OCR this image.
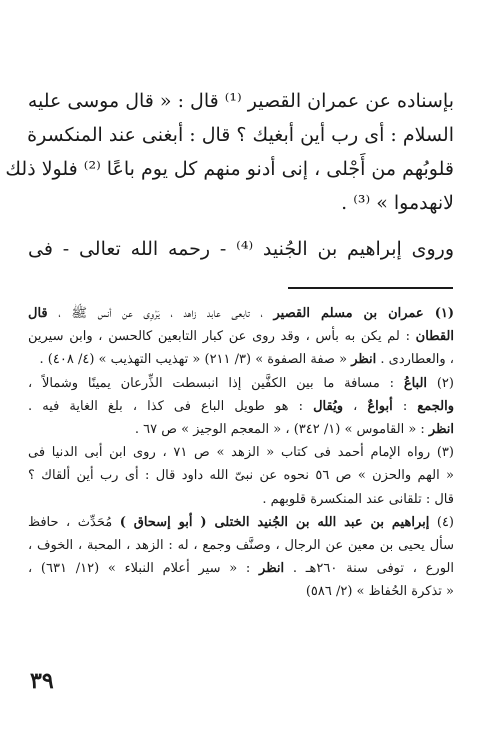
بإسناده عن عمران القصير ⁽¹⁾ قال : « قال موسى عليه
السلام : أى رب أين أبغيك ؟ قال : أبغنى عند المنكسرة
قلوبُهم من أَجْلى ، إنى أدنو منهم كل يوم باعًا ⁽²⁾ فلولا ذلك
لانهدموا » ⁽³⁾ .
وروى إبراهيم بن الجُنيد ⁽⁴⁾ - رحمه الله تعالى - فى
(١) عمران بن مسلم القصير ، تابعى عابد زاهد ، يَرْوِى عن أنس ﷺ ، قال
القطان : لم يكن به بأس ، وقد روى عن كبار التابعين كالحسن ، وابن سيرين
، والعطاردى . انظر « صفة الصفوة » (٣/ ٢١١) « تهذيب التهذيب » (٤/ ٤٠٨) .
(٢) الباعُ : مسافة ما بين الكفَّين إذا انبسطت الذِّرعان يمينًا وشمالاً ،
والجمع : أبواعٌ ، ويُقال : هو طويل الباع فى كذا ، بلغ الغاية فيه .
انظر : « القاموس » (١/ ٣٤٢) ، « المعجم الوجيز » ص ٦٧ .
(٣) رواه الإمام أحمد فى كتاب « الزهد » ص ٧١ ، روى ابن أبى الدنيا فى
« الهم والحزن » ص ٥٦ نحوه عن نبىّ الله داود قال : أى رب أين ألقاك ؟
قال : تلقانى عند المنكسرة قلوبهم .
(٤) إبراهيم بن عبد الله بن الجُنيد الختلى ( أبو إسحاق ) مُحَدِّث ، حافظ
سأل يحيى بن معين عن الرجال ، وصنَّف وجمع ، له : الزهد ، المحبة ، الخوف ،
الورع ، توفى سنة ٢٦٠هـ . انظر : « سير أعلام النبلاء » (١٢/ ٦٣١) ،
« تذكرة الحُفاظ » (٢/ ٥٨٦)
٣٩
